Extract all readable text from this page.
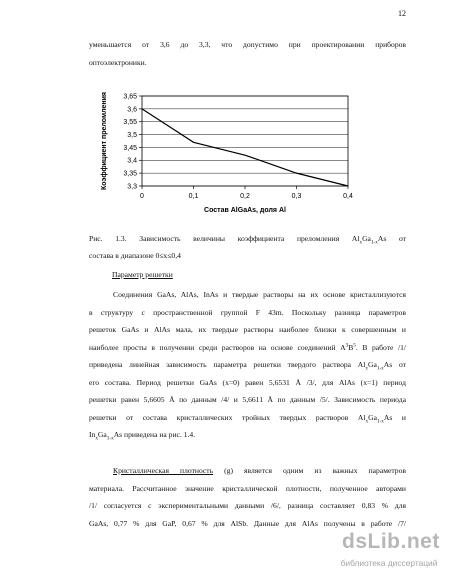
12

уменьшается от 3,6 до 3,3, что допустимо при проектировании приборов
оптоэлектроники.

3,3
3,35
3,4
3,45
3,5
3,55
3,6
3,65
0	0,1	0,2	0,3	0,4
Коэффициент преломления
Состав AlGaAs, доля Al
Рис. 1.3. Зависимость величины коэффициента преломления $Al_xGa_{1-x}As$ от
состава в диапазоне 0≤x≤0,4
Параметр решетки

Соединения GaAs, AlAs, InAs и твердые растворы на их основе кристаллизуются
в структуру с пространственной группой F 43m. Поскольку разница параметров
решеток GaAs и AlAs мала, их твердые растворы наиболее близки к совершенным и
наиболее просты в получении среди растворов на основе соединений $A^3B^5$. В работе /1/
приведена линейная зависимость параметра решетки твердого раствора $Al_xGa_{1-x}As$ от
его состава. Период решетки GaAs (x=0) равен 5,6531 Å /3/, для AlAs (x=1) период
решетки равен 5,6605 Å по данным /4/ и 5,6611 Å по данным /5/. Зависимость периода
решетки от состава кристаллических тройных твердых растворов $Al_xGa_{1-x}As$ и
$In_xGa_{1-x}As$ приведена на рис. 1.4.

Кристаллическая плотность (g) является одним из важных параметров
материала. Рассчитанное значение кристаллической плотности, полученное авторами
/1/ согласуется с экспериментальными данными /6/, разница составляет 0,83 % для
GaAs, 0,77 % для GaP, 0,67 % для AlSb. Данные для AlAs получены в работе /7/

dsLib.net
библиотека диссертаций
